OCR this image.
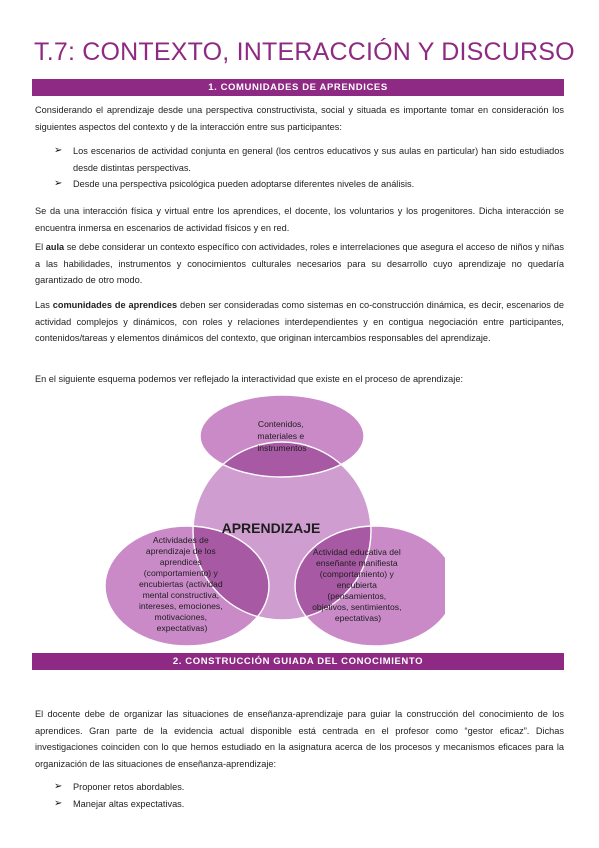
T.7: CONTEXTO, INTERACCIÓN Y DISCURSO
1. COMUNIDADES DE APRENDICES

Considerando el aprendizaje desde una perspectiva constructivista, social y situada es importante tomar en consideración los siguientes aspectos del contexto y de la interacción entre sus participantes:

➢ Los escenarios de actividad conjunta en general (los centros educativos y sus aulas en particular) han sido estudiados desde distintas perspectivas.
➢ Desde una perspectiva psicológica pueden adoptarse diferentes niveles de análisis.

Se da una interacción física y virtual entre los aprendices, el docente, los voluntarios y los progenitores. Dicha interacción se encuentra inmersa en escenarios de actividad físicos y en red.

El aula se debe considerar un contexto específico con actividades, roles e interrelaciones que asegura el acceso de niños y niñas a las habilidades, instrumentos y conocimientos culturales necesarios para su desarrollo cuyo aprendizaje no quedaría garantizado de otro modo.

Las comunidades de aprendices deben ser consideradas como sistemas en co-construcción dinámica, es decir, escenarios de actividad complejos y dinámicos, con roles y relaciones interdependientes y en contigua negociación entre participantes, contenidos/tareas y elementos dinámicos del contexto, que originan intercambios responsables del aprendizaje.

En el siguiente esquema podemos ver reflejado la interactividad que existe en el proceso de aprendizaje:

APRENDIZAJE
Contenidos, materiales e instrumentos
Actividades de aprendizaje de los aprendices (comportamiento) y encubiertas (actividad mental constructiva, intereses, emociones, motivaciones, expectativas)
Actividad educativa del enseñante manifiesta (comportamiento) y encubierta (pensamientos, objetivos, sentimientos, epectativas)
2. CONSTRUCCIÓN GUIADA DEL CONOCIMIENTO

El docente debe de organizar las situaciones de enseñanza-aprendizaje para guiar la construcción del conocimiento de los aprendices. Gran parte de la evidencia actual disponible está centrada en el profesor como “gestor eficaz”. Dichas investigaciones coinciden con lo que hemos estudiado en la asignatura acerca de los procesos y mecanismos eficaces para la organización de las situaciones de enseñanza-aprendizaje:

➢ Proponer retos abordables.
➢ Manejar altas expectativas.
